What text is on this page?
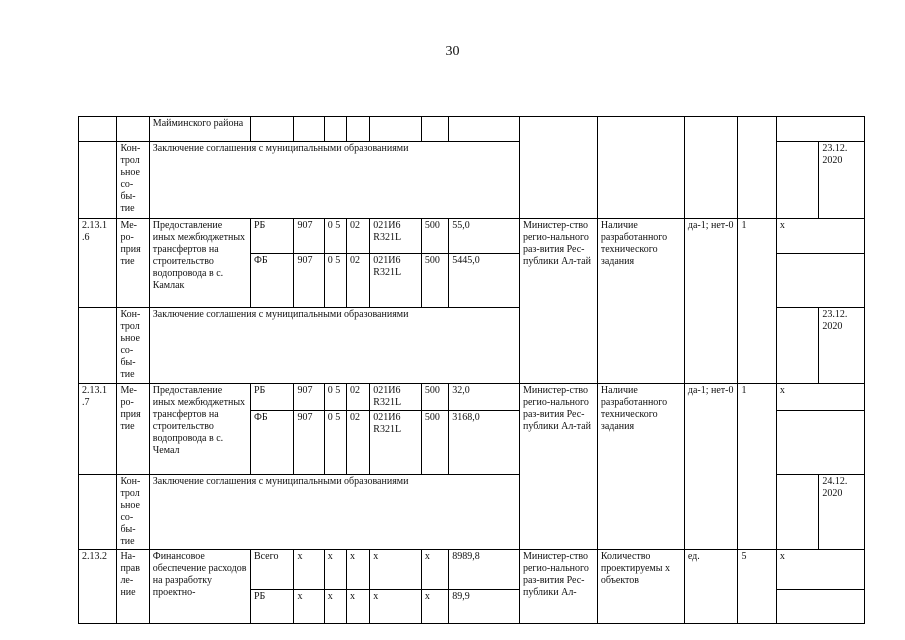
30
		Майминского района													
	Кон-трол ьное со-бы-тие	Заключение соглашения с муниципальными образованиями													23.12. 2020
2.13.1 .6	Ме-ро-прия тие	Предоставление иных межбюджетных трансфертов на строительство водопровода в с. Камлак	РБ	907	0 5	02	021И6 R321L	500	55,0	Министер-ство регио-нального раз-вития Рес-публики Ал-тай	Наличие разработанного технического задания	да-1; нет-0	1	х	
			ФБ	907	0 5	02	021И6 R321L	500	5445,0						
	Кон-трол ьное со-бы-тие	Заключение соглашения с муниципальными образованиями													23.12. 2020
2.13.1 .7	Ме-ро-прия тие	Предоставление иных межбюджетных трансфертов на строительство водопровода в с. Чемал	РБ	907	0 5	02	021И6 R321L	500	32,0	Министер-ство регио-нального раз-вития Рес-публики Ал-тай	Наличие разработанного технического задания	да-1; нет-0	1	х	
			ФБ	907	0 5	02	021И6 R321L	500	3168,0						
	Кон-трол ьное со-бы-тие	Заключение соглашения с муниципальными образованиями													24.12. 2020
2.13.2	На-прав ле-ние	Финансовое обеспечение расходов на разработку проектно-	Всего	х	х	х	х	х	8989,8	Министер-ство регио-нального раз-вития Рес-публики Ал-	Количество проектируемы х объектов	ед.	5	х	
			РБ	х	х	х	х	х	89,9						
